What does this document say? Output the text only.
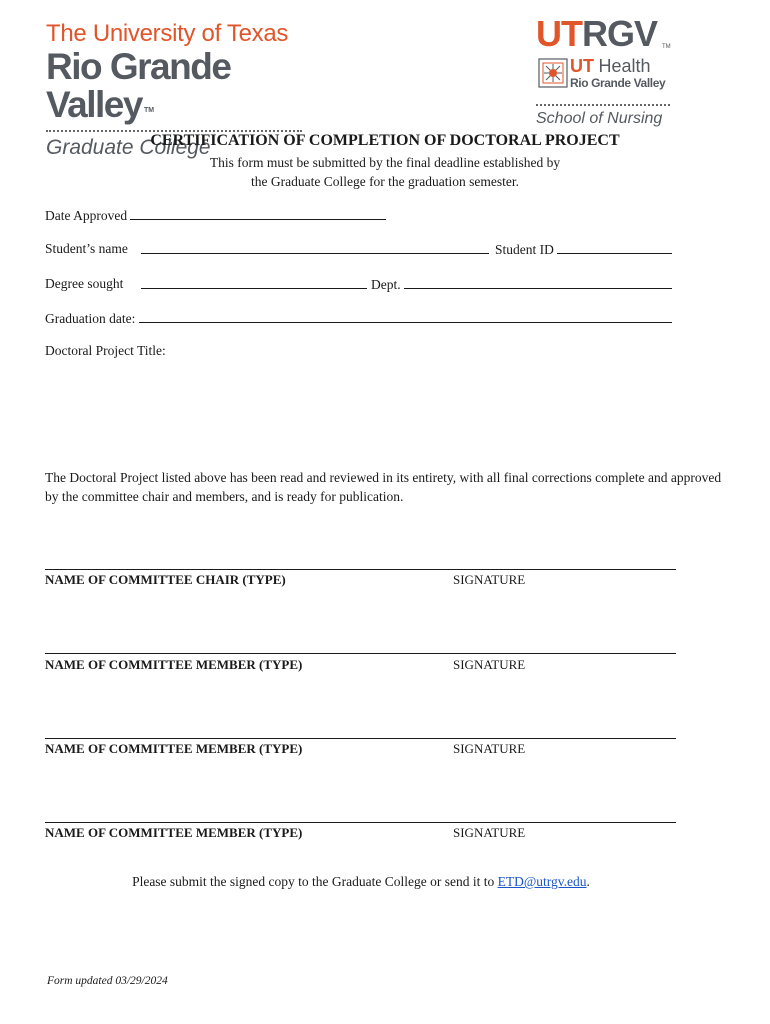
The University of Texas
Rio Grande Valley ™
Graduate College
UTRGV TM
UT Health
Rio Grande Valley
School of Nursing
CERTIFICATION OF COMPLETION OF DOCTORAL PROJECT
This form must be submitted by the final deadline established by
the Graduate College for the graduation semester.
Date Approved
Student’s name	Student ID
Degree sought	Dept.
Graduation date:
Doctoral Project Title:
The Doctoral Project listed above has been read and reviewed in its entirety, with all final corrections complete and approved by the committee chair and members, and is ready for publication.
NAME OF COMMITTEE CHAIR (TYPE)	SIGNATURE
NAME OF COMMITTEE MEMBER (TYPE)	SIGNATURE
NAME OF COMMITTEE MEMBER (TYPE)	SIGNATURE
NAME OF COMMITTEE MEMBER (TYPE)	SIGNATURE
Please submit the signed copy to the Graduate College or send it to ETD@utrgv.edu.
Form updated 03/29/2024
